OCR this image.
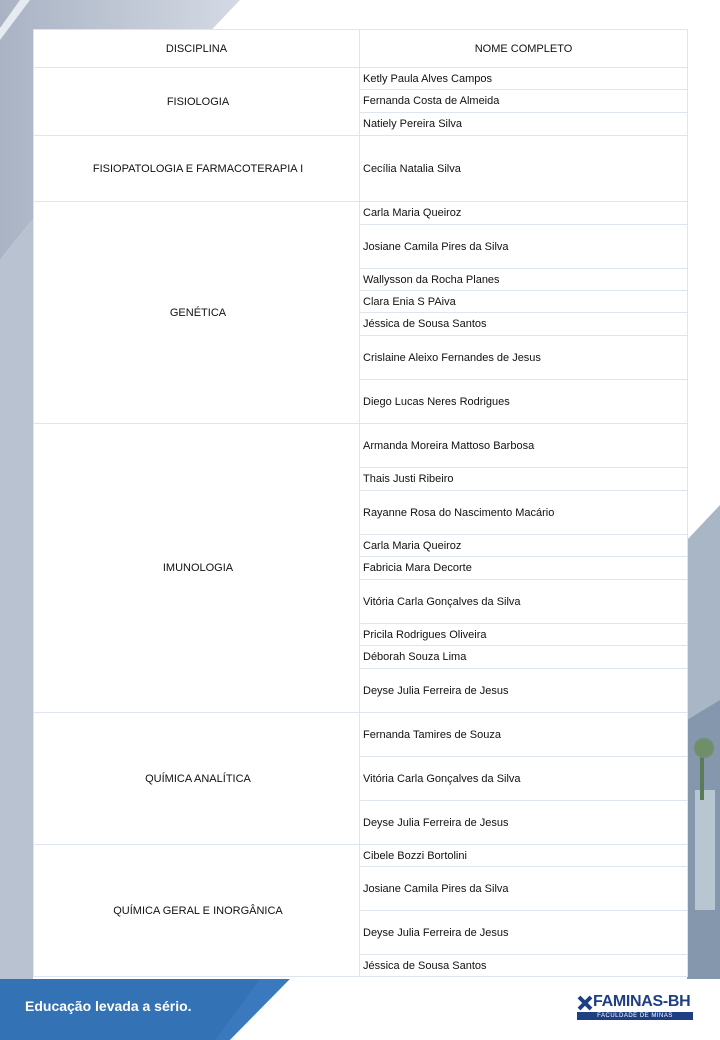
DISCIPLINA	NOME COMPLETO
FISIOLOGIA	Ketly Paula Alves Campos
	Fernanda Costa de Almeida
	Natiely Pereira Silva
FISIOPATOLOGIA E FARMACOTERAPIA I	Cecília Natalia Silva
GENÉTICA	Carla Maria Queiroz
	Josiane Camila Pires da Silva
	Wallysson da Rocha Planes
	Clara Enia S PAiva
	Jéssica de Sousa Santos
	Crislaine Aleixo Fernandes de Jesus
	Diego Lucas Neres Rodrigues
IMUNOLOGIA	Armanda Moreira Mattoso Barbosa
	Thais Justi Ribeiro
	Rayanne Rosa do Nascimento Macário
	Carla Maria Queiroz
	Fabricia Mara Decorte
	Vitória Carla Gonçalves da Silva
	Pricila Rodrigues Oliveira
	Déborah Souza Lima
	Deyse Julia Ferreira de Jesus
QUÍMICA ANALÍTICA	Fernanda Tamires de Souza
	Vitória Carla Gonçalves da Silva
	Deyse Julia Ferreira de Jesus
QUÍMICA GERAL E INORGÂNICA	Cibele Bozzi Bortolini
	Josiane Camila Pires da Silva
	Deyse Julia Ferreira de Jesus
	Jéssica de Sousa Santos
Educação levada a sério.	FAMINAS-BH
FACULDADE DE MINAS
